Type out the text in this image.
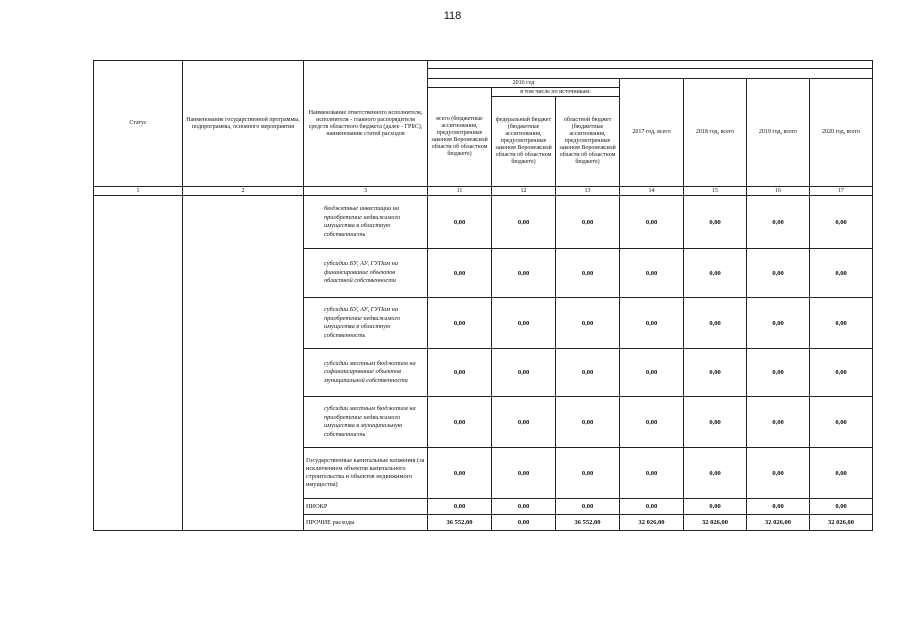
118
Статус	Наименование государственной программы, подпрограммы, основного мероприятия	Наименование ответственного исполнителя, исполнителя - главного распорядителя средств областного бюджета (далее - ГРБС), наименование статей расходов							

			2016 год			2017 год, всего	2018 год, всего	2019 год, всего	2020 год, всего
			всего (бюджетные ассигнования, предусмотренные законом Воронежской области об областном бюджете)	в том числе по источникам:					
				федеральный бюджет (бюджетные ассигнования, предусмотренные законом Воронежской области об областном бюджете)	областной бюджет (бюджетные ассигнования, предусмотренные законом Воронежской области об областном бюджете)				
1	2	3	11	12	13	14	15	16	17
		бюджетные инвестиции на приобретение недвижимого имущества в областную собственность	0,00	0,00	0,00	0,00	0,00	0,00	0,00
		субсидии БУ, АУ, ГУПам на финансирование объектов областной собственности	0,00	0,00	0,00	0,00	0,00	0,00	0,00
		субсидии БУ, АУ, ГУПам на приобретение недвижимого имущества в областную собственность	0,00	0,00	0,00	0,00	0,00	0,00	0,00
		субсидии местным бюджетам на софинансирование объектов муниципальной собственности	0,00	0,00	0,00	0,00	0,00	0,00	0,00
		субсидии местным бюджетам на приобретение недвижимого имущества в муниципальную собственность	0,00	0,00	0,00	0,00	0,00	0,00	0,00
		Государственные капитальные вложения (за исключением объектов капитального строительства и объектов недвижимого имущества)	0,00	0,00	0,00	0,00	0,00	0,00	0,00
		НИОКР	0,00	0,00	0,00	0,00	0,00	0,00	0,00
		ПРОЧИЕ расходы	36 552,00	0,00	36 552,00	32 026,00	32 026,00	32 026,00	32 026,00
